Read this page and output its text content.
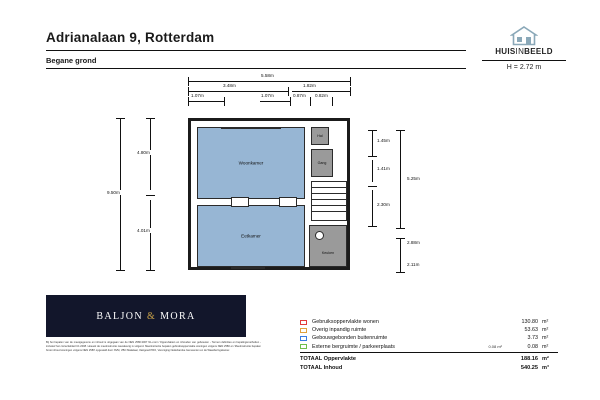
Adrianalaan 9, Rotterdam
Begane grond
HUISINBEELD
H = 2.72 m
5.58m
3.48m	1.82m
1.07m	1.07m	0.87m 0.82m
9.50m
4.80m
4.01m
5.25m
1.45m
1.41m
2.30m
2.88m
2.11m
Woonkamer
Eetkamer
Hal
Gang
Keuken
BALJON & MORA
Bij het bepalen van de meetgegevens en inhoud is uitgegaan van de NEN 2580:2007 NL-norm 'Oppervlakten en inhouden van gebouwen - Termen definities en bepalingsmethoden - inclusief het correctieblad C1:2008. Hoewel de meetinstructie nauwkeurig is volgend. Meetinstructie bepalen gebruiksoppervlakte woningen volgens NEN 2580 en 'Meetinstructie bepalen bruto inhoud woningen volgens NEN 2580' opgesteld door NVM, VBO Makelaar, Vastgoed PRO, Vereniging Nederlandse Gemeenten en de Waarderingskamer.
Gebruiksoppervlakte wonen	130.80 m²
Overig inpandig ruimte	53.63 m²
Gebouwgebonden buitenruimte	3.73 m²
Externe bergruimte / parkeerplaats	0.08 m²	0.08 m²
TOTAAL Oppervlakte	188.16 m²
TOTAAL Inhoud	540.25 m³
